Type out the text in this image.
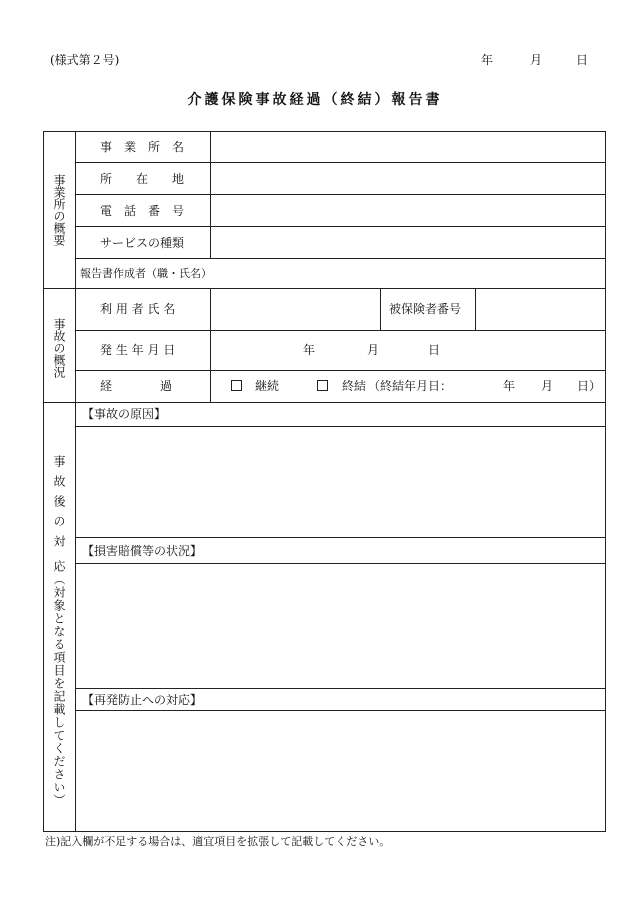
(様式第２号)	年	月	日
介護保険事故経過（終結）報告書
事業所の概要
事　業　所　名
所　　在　　地
電　話　番　号
サービスの種類
報告書作成者（職・氏名）
事故の概況
利 用 者 氏 名	被保険者番号
発 生 年 月 日	年	月	日
経　　　　過	継続	終結 （終結年月日：	年 月 日）
事故後の対
応（対象となる項目を記載してください）
【事故の原因】
【損害賠償等の状況】
【再発防止への対応】
注)記入欄が不足する場合は、適宜項目を拡張して記載してください。
